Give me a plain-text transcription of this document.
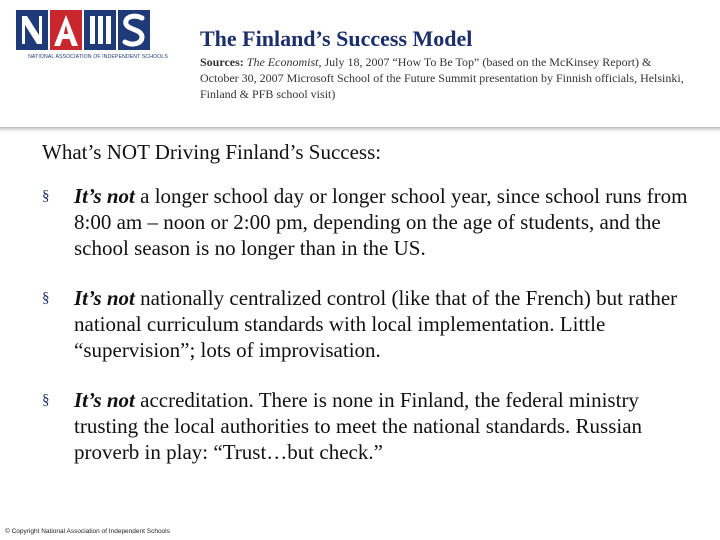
NATIONAL ASSOCIATION OF INDEPENDENT SCHOOLS
The Finland’s Success Model
Sources: The Economist, July 18, 2007 “How To Be Top” (based on the McKinsey Report) & October 30, 2007 Microsoft School of the Future Summit presentation by Finnish officials, Helsinki, Finland & PFB school visit)
What’s NOT Driving Finland’s Success:
§ It’s not a longer school day or longer school year, since school runs from 8:00 am – noon or 2:00 pm, depending on the age of students, and the school season is no longer than in the US.
§ It’s not nationally centralized control (like that of the French) but rather national curriculum standards with local implementation. Little “supervision”; lots of improvisation.
§ It’s not accreditation. There is none in Finland, the federal ministry trusting the local authorities to meet the national standards. Russian proverb in play: “Trust…but check.”
© Copyright National Association of Independent Schools
